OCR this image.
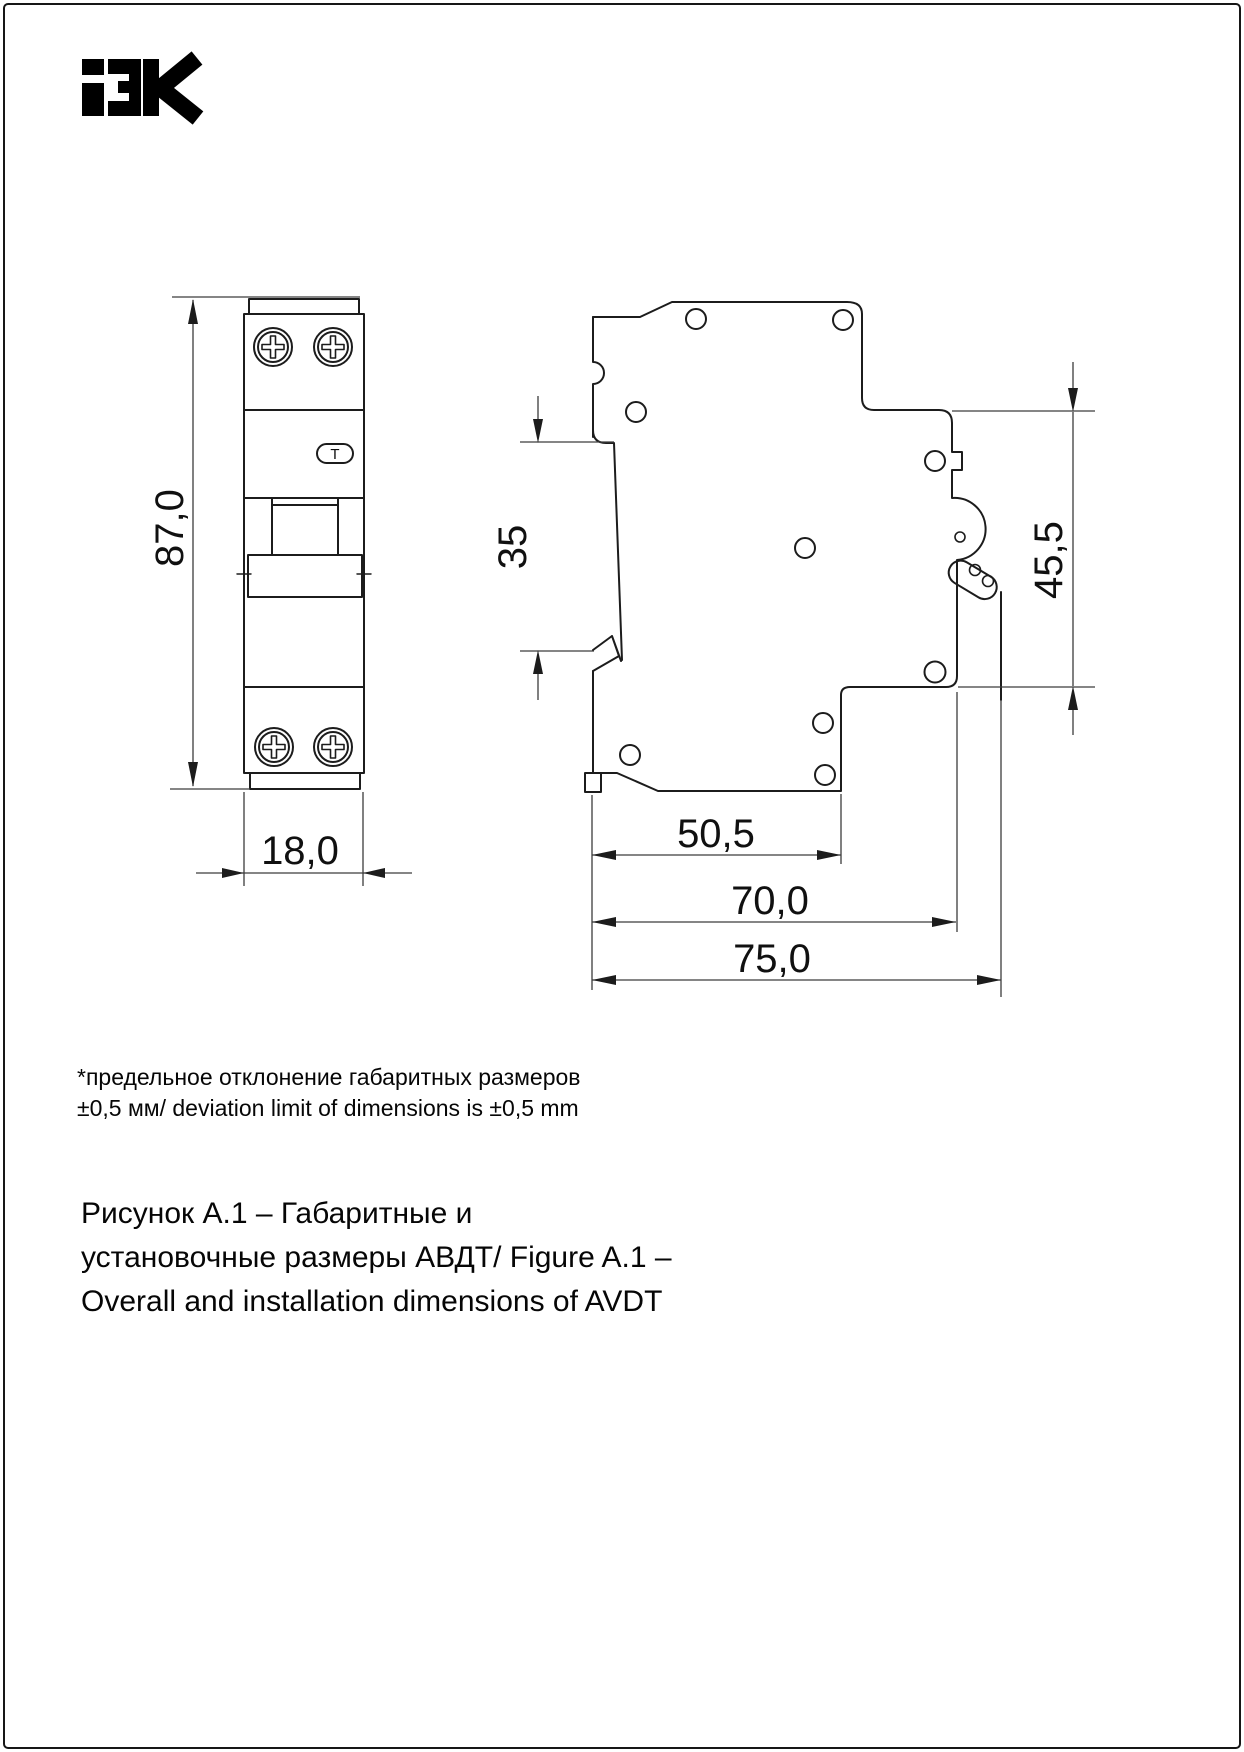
T
87,0
18,0
35	45,5
50,5
70,0
75,0
*предельное отклонение габаритных размеров
±0,5 мм/ deviation limit of dimensions is ±0,5 mm
Рисунок А.1 – Габаритные и
установочные размеры АВДТ/ Figure A.1 –
Overall and installation dimensions of AVDT
